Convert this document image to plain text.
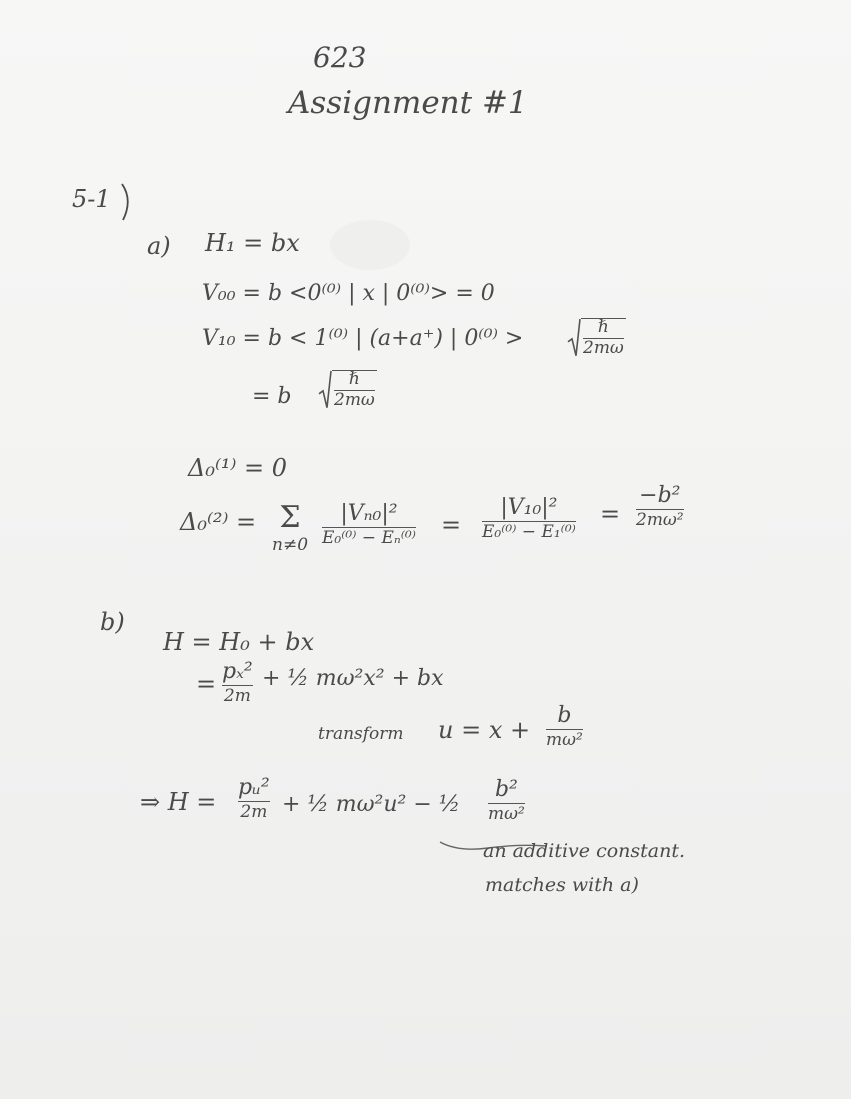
623
Assignment #1
5-1
a) H₁ = bx
V₀₀ = b <0⁽⁰⁾ | x | 0⁽⁰⁾> = 0
V₁₀ = b < 1⁽⁰⁾ | (a+a⁺) | 0⁽⁰⁾ >	$\frac{\text{ℏ}}{2m\omega}$
= b $\frac{\text{ℏ}}{2m\omega}$
Δ₀⁽¹⁾ = 0
Δ₀⁽²⁾ = Σ
n≠0
|Vₙ₀|²
E₀⁽⁰⁾ − Eₙ⁽⁰⁾ =
|V₁₀|²
E₀⁽⁰⁾ − E₁⁽⁰⁾
=
−b²
2mω²
b)
H = H₀ + bx
= pₓ²
2m
+ ½ mω²x² + bx
transform u = x +
b
mω²
⇒ H =
pᵤ²
2m + ½ mω²u² − ½
b²
mω²
an additive constant.
matches with a)
